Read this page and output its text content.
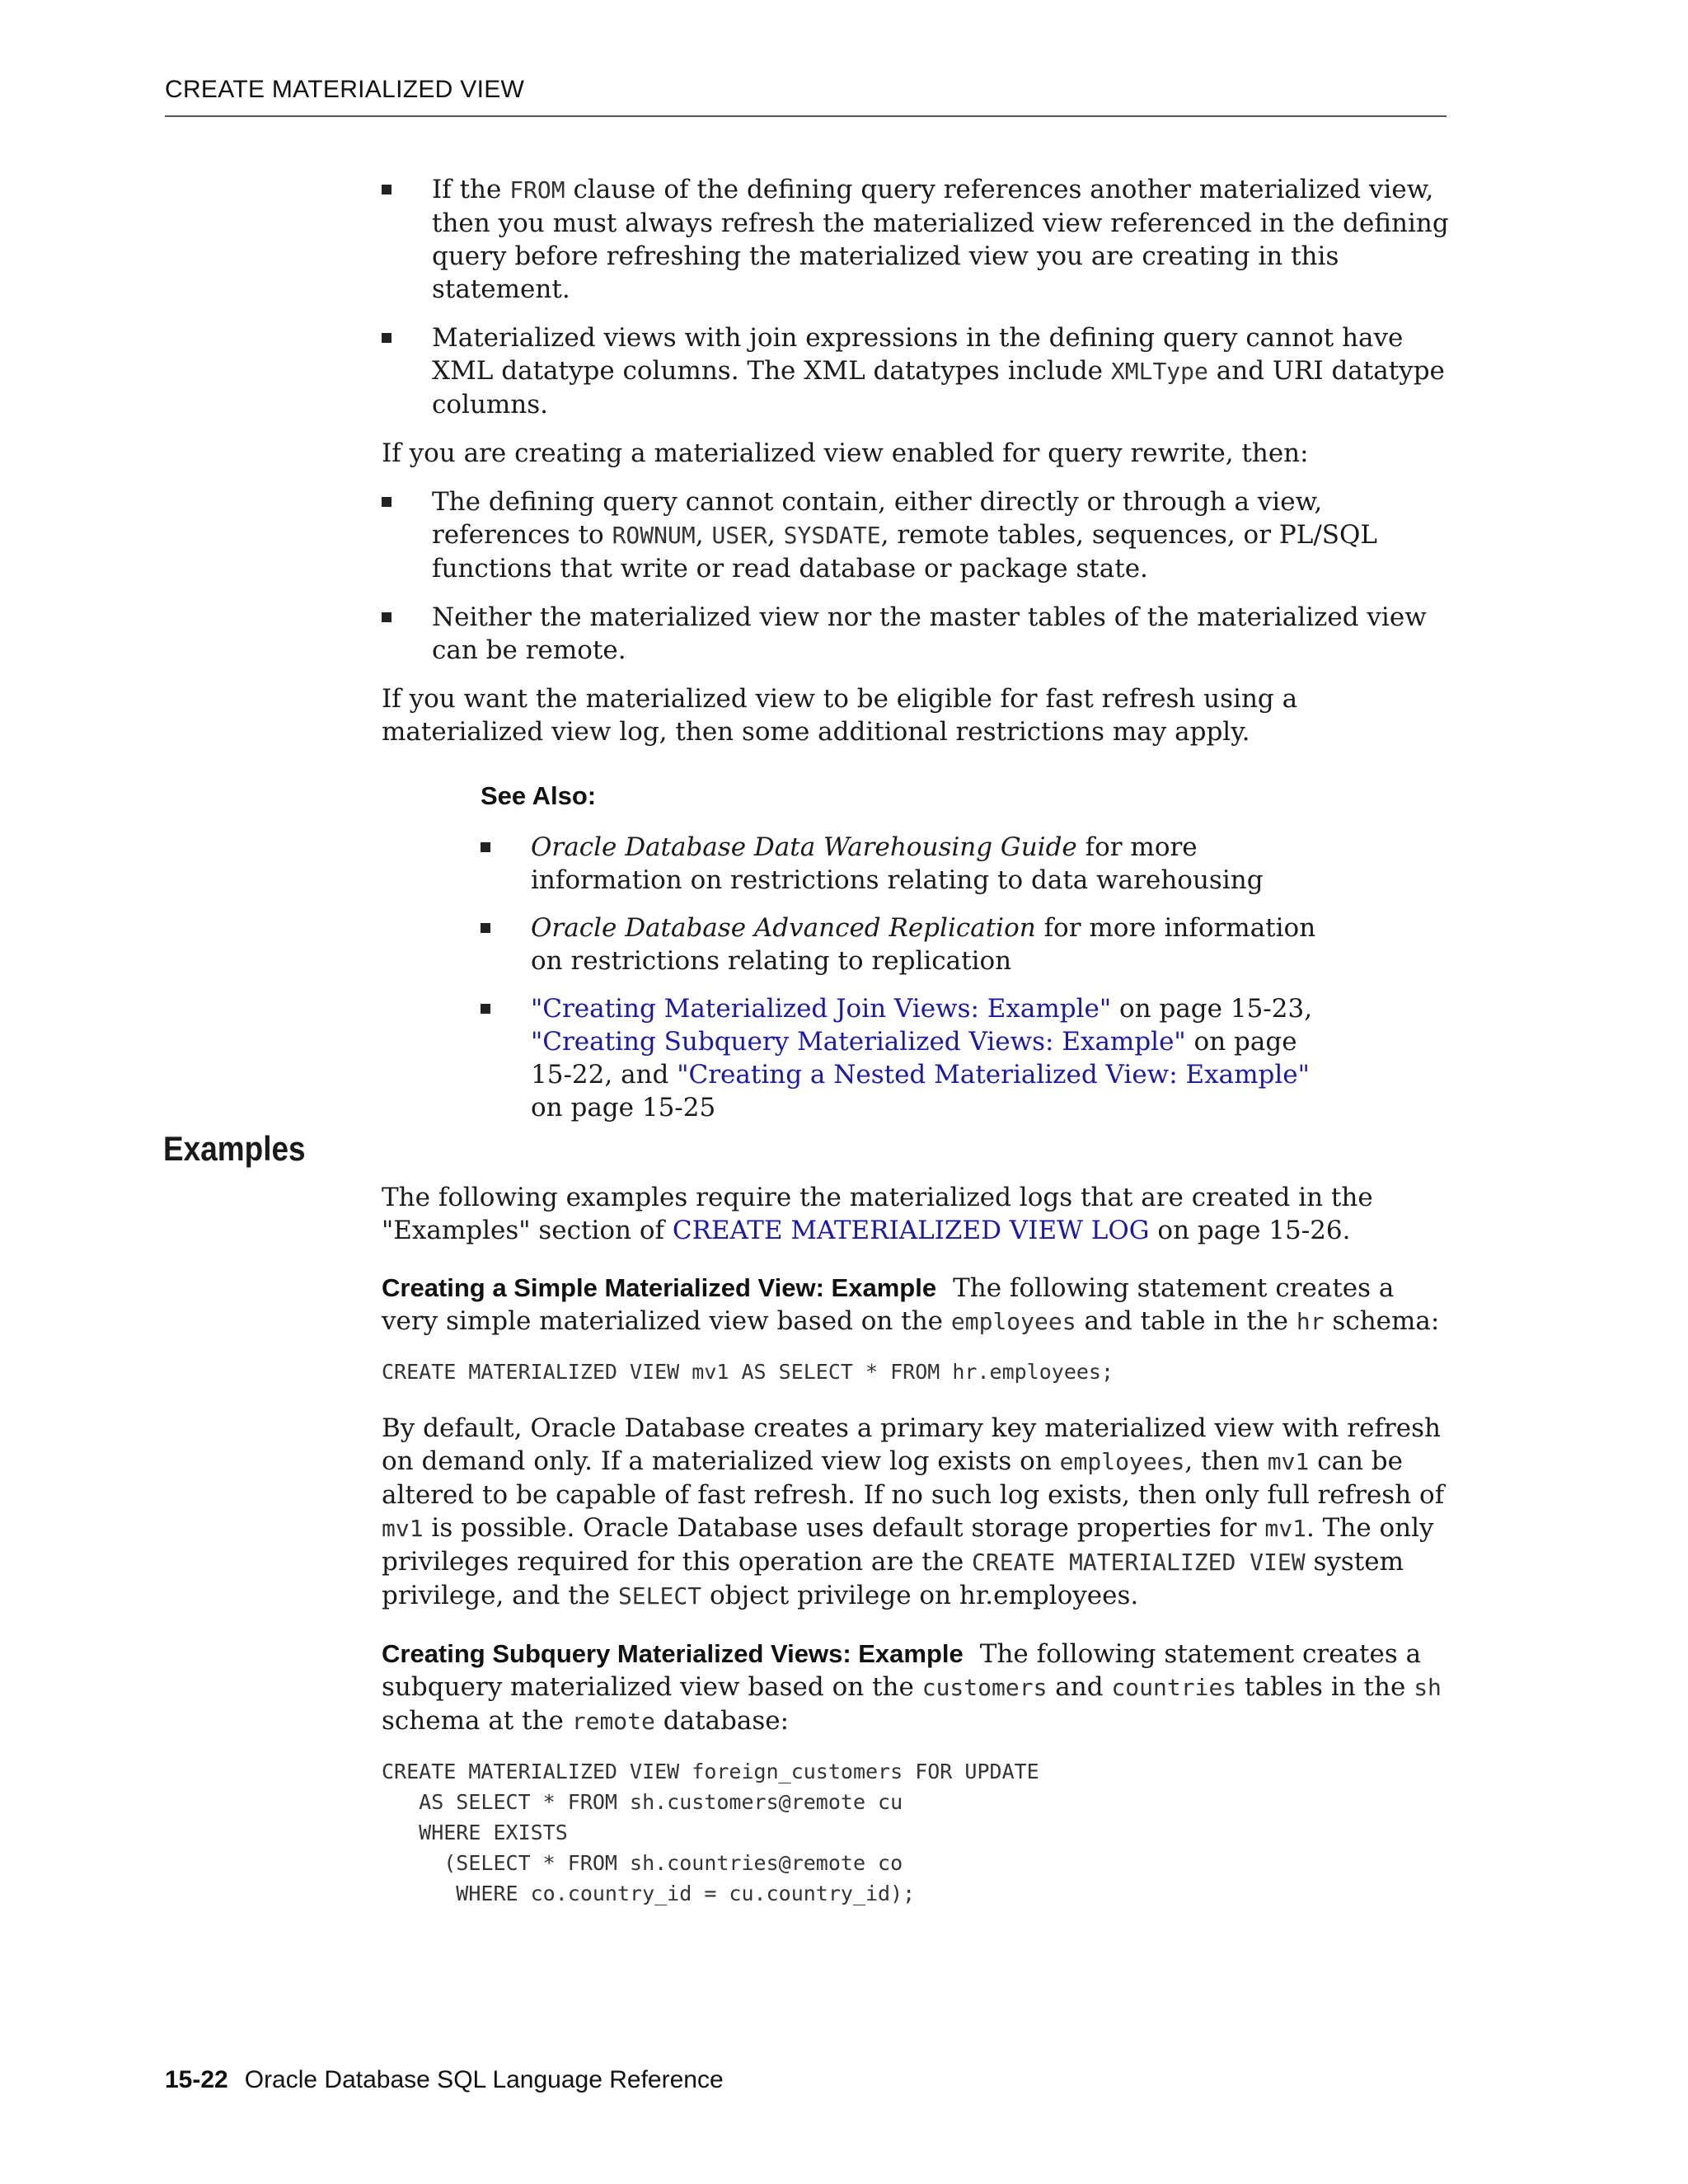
CREATE MATERIALIZED VIEW
If the FROM clause of the defining query references another materialized view, then you must always refresh the materialized view referenced in the defining query before refreshing the materialized view you are creating in this statement.
Materialized views with join expressions in the defining query cannot have XML datatype columns. The XML datatypes include XMLType and URI datatype columns.

If you are creating a materialized view enabled for query rewrite, then:

The defining query cannot contain, either directly or through a view, references to ROWNUM, USER, SYSDATE, remote tables, sequences, or PL/SQL functions that write or read database or package state.
Neither the materialized view nor the master tables of the materialized view can be remote.

If you want the materialized view to be eligible for fast refresh using a materialized view log, then some additional restrictions may apply.

See Also:
Oracle Database Data Warehousing Guide for more information on restrictions relating to data warehousing
Oracle Database Advanced Replication for more information on restrictions relating to replication
"Creating Materialized Join Views: Example" on page 15-23, "Creating Subquery Materialized Views: Example" on page 15-22, and "Creating a Nested Materialized View: Example" on page 15-25
Examples

The following examples require the materialized logs that are created in the "Examples" section of CREATE MATERIALIZED VIEW LOG on page 15-26.

Creating a Simple Materialized View: Example The following statement creates a very simple materialized view based on the employees and table in the hr schema:

CREATE MATERIALIZED VIEW mv1 AS SELECT * FROM hr.employees;

By default, Oracle Database creates a primary key materialized view with refresh on demand only. If a materialized view log exists on employees, then mv1 can be altered to be capable of fast refresh. If no such log exists, then only full refresh of mv1 is possible. Oracle Database uses default storage properties for mv1. The only privileges required for this operation are the CREATE MATERIALIZED VIEW system privilege, and the SELECT object privilege on hr.employees.

Creating Subquery Materialized Views: Example The following statement creates a subquery materialized view based on the customers and countries tables in the sh schema at the remote database:

CREATE MATERIALIZED VIEW foreign_customers FOR UPDATE
AS SELECT * FROM sh.customers@remote cu
WHERE EXISTS
(SELECT * FROM sh.countries@remote co
WHERE co.country_id = cu.country_id);
15-22 Oracle Database SQL Language Reference
